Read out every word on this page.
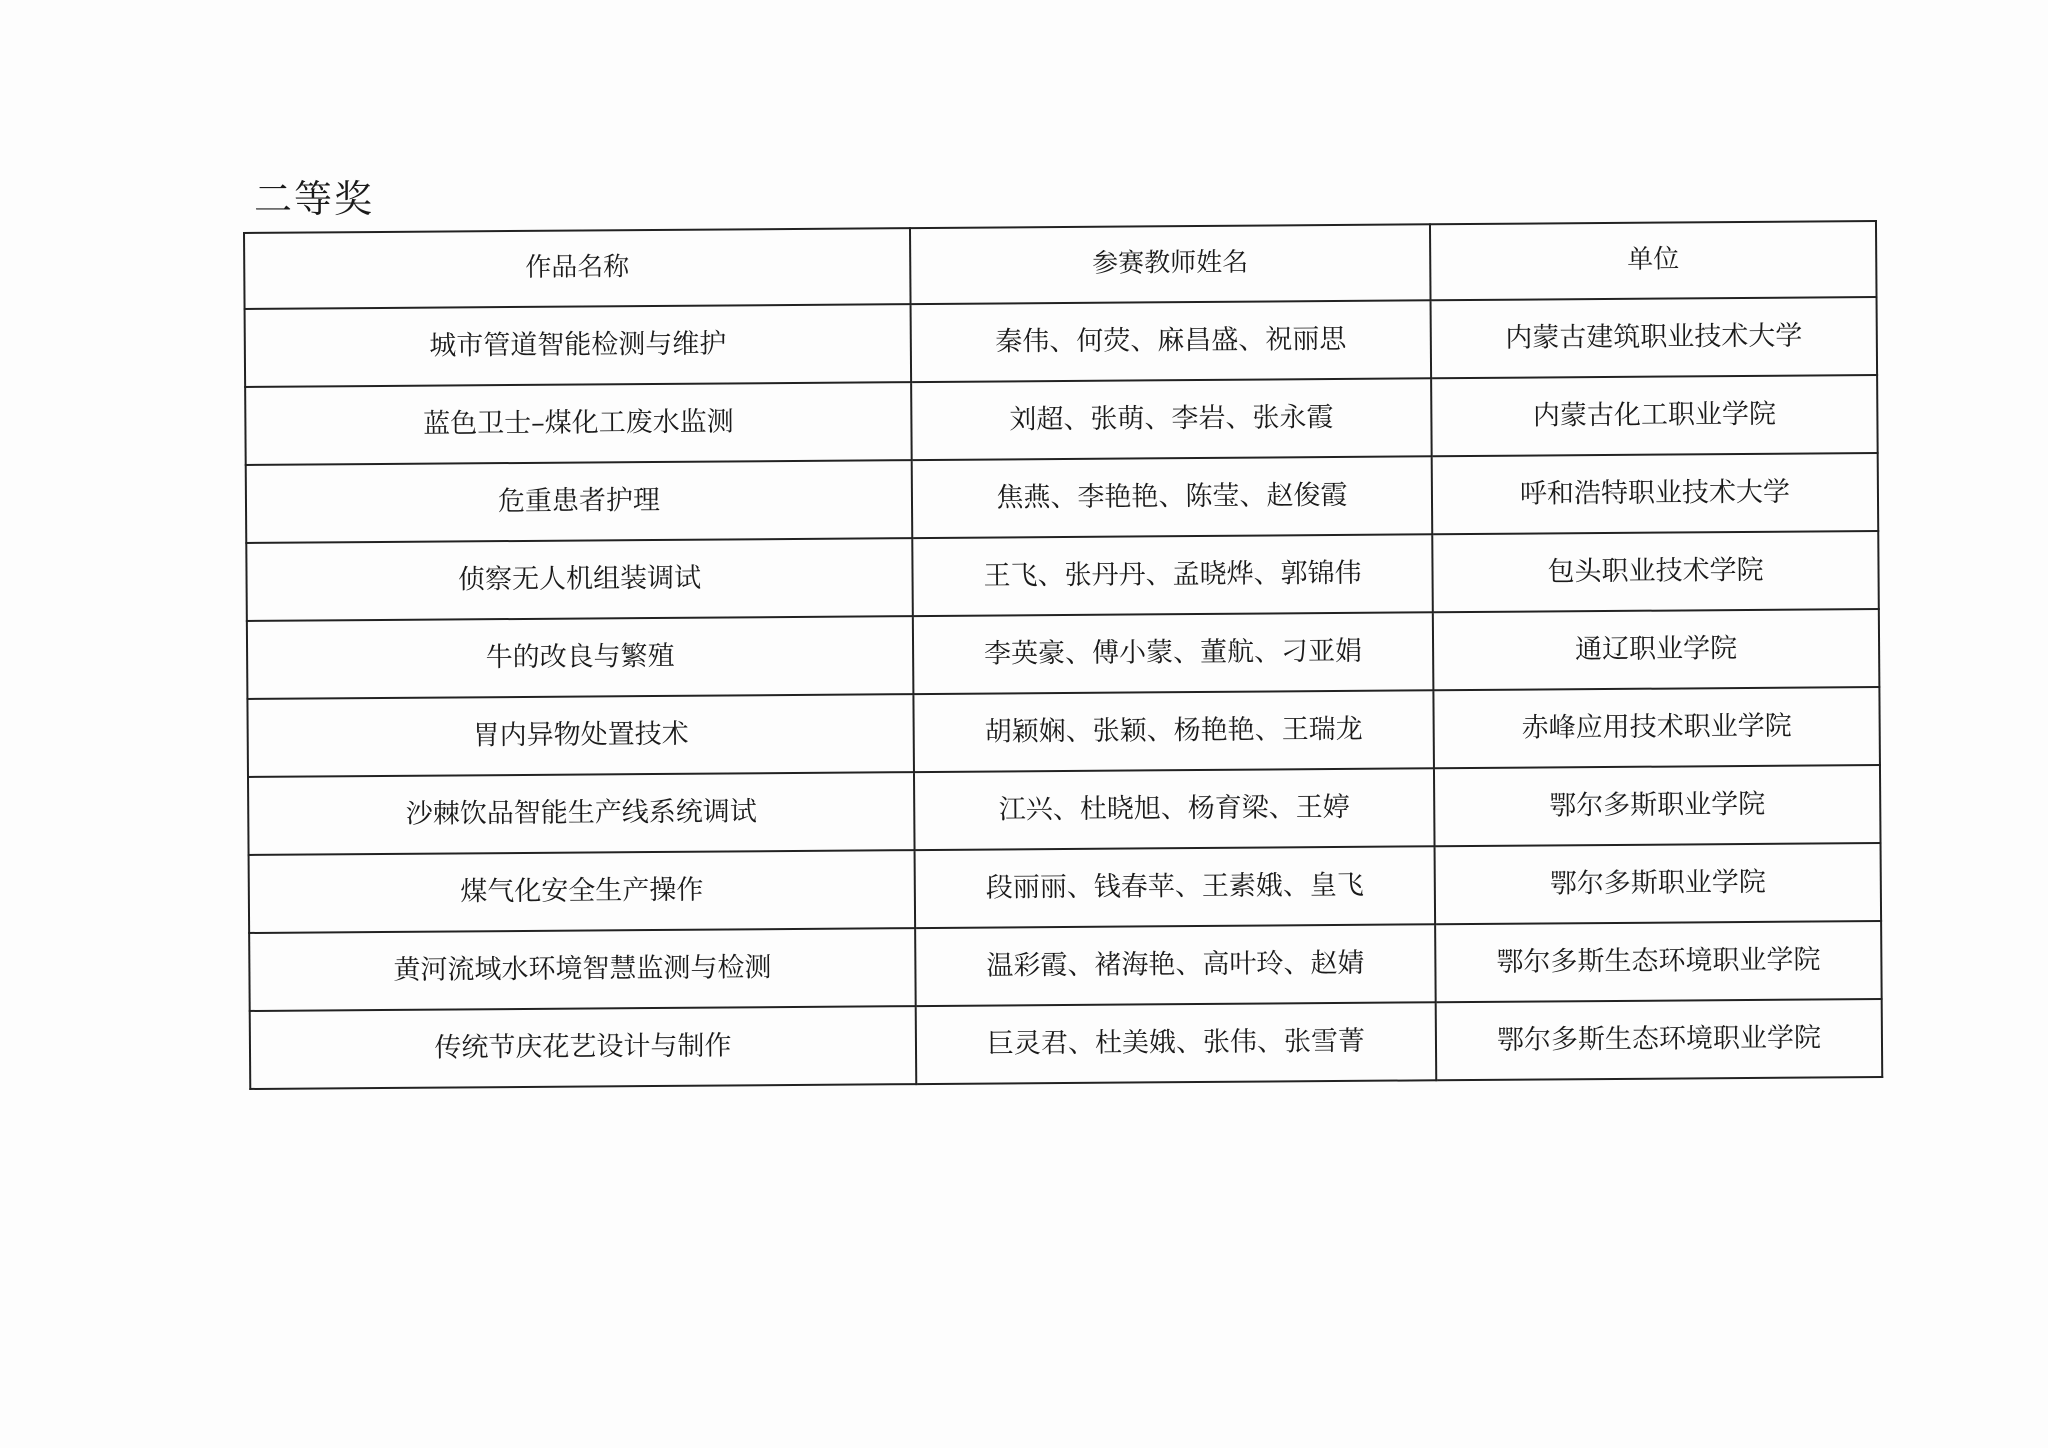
二等奖
作品名称	参赛教师姓名	单位
城市管道智能检测与维护	秦伟、何荧、麻昌盛、祝丽思	内蒙古建筑职业技术大学
蓝色卫士–煤化工废水监测	刘超、张萌、李岩、张永霞	内蒙古化工职业学院
危重患者护理	焦燕、李艳艳、陈莹、赵俊霞	呼和浩特职业技术大学
侦察无人机组装调试	王飞、张丹丹、孟晓烨、郭锦伟	包头职业技术学院
牛的改良与繁殖	李英豪、傅小蒙、董航、刁亚娟	通辽职业学院
胃内异物处置技术	胡颖娴、张颖、杨艳艳、王瑞龙	赤峰应用技术职业学院
沙棘饮品智能生产线系统调试	江兴、杜晓旭、杨育梁、王婷	鄂尔多斯职业学院
煤气化安全生产操作	段丽丽、钱春苹、王素娥、皇飞	鄂尔多斯职业学院
黄河流域水环境智慧监测与检测	温彩霞、褚海艳、高叶玲、赵婧	鄂尔多斯生态环境职业学院
传统节庆花艺设计与制作	巨灵君、杜美娥、张伟、张雪菁	鄂尔多斯生态环境职业学院
